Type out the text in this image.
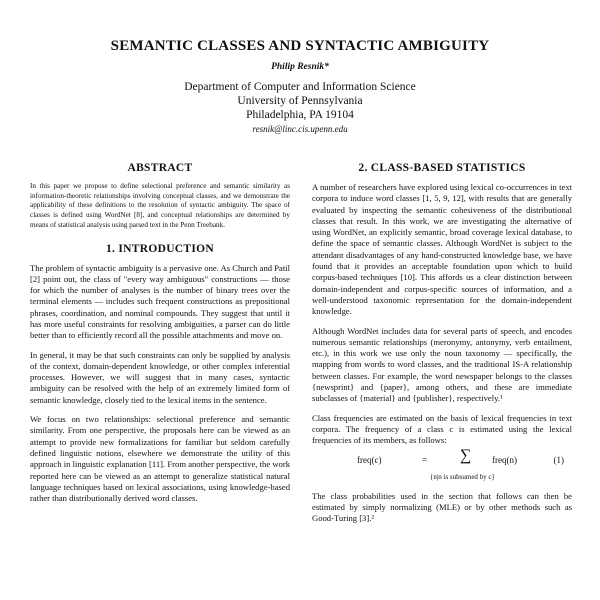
SEMANTIC CLASSES AND SYNTACTIC AMBIGUITY
Philip Resnik*
Department of Computer and Information Science
University of Pennsylvania
Philadelphia, PA 19104
resnik@linc.cis.upenn.edu
ABSTRACT

In this paper we propose to define selectional preference and semantic similarity as information-theoretic relationships involving conceptual classes, and we demonstrate the applicability of these definitions to the resolution of syntactic ambiguity. The space of classes is defined using WordNet [8], and conceptual relationships are determined by means of statistical analysis using parsed text in the Penn Treebank.

1. INTRODUCTION

The problem of syntactic ambiguity is a pervasive one. As Church and Patil [2] point out, the class of "every way ambiguous" constructions — those for which the number of analyses is the number of binary trees over the terminal elements — includes such frequent constructions as prepositional phrases, coordination, and nominal compounds. They suggest that until it has more useful constraints for resolving ambiguities, a parser can do little better than to efficiently record all the possible attachments and move on.

In general, it may be that such constraints can only be supplied by analysis of the context, domain-dependent knowledge, or other complex inferential processes. However, we will suggest that in many cases, syntactic ambiguity can be resolved with the help of an extremely limited form of semantic knowledge, closely tied to the lexical items in the sentence.

We focus on two relationships: selectional preference and semantic similarity. From one perspective, the proposals here can be viewed as an attempt to provide new formalizations for familiar but seldom carefully defined linguistic notions, elsewhere we demonstrate the utility of this approach in linguistic explanation [11]. From another perspective, the work reported here can be viewed as an attempt to generalize statistical natural language techniques based on lexical associations, using knowledge-based rather than distributionally derived word classes.

2. CLASS-BASED STATISTICS

A number of researchers have explored using lexical co-occurrences in text corpora to induce word classes [1, 5, 9, 12], with results that are generally evaluated by inspecting the semantic cohesiveness of the distributional classes that result. In this work, we are investigating the alternative of using WordNet, an explicitly semantic, broad coverage lexical database, to define the space of semantic classes. Although WordNet is subject to the attendant disadvantages of any hand-constructed knowledge base, we have found that it provides an acceptable foundation upon which to build corpus-based techniques [10]. This affords us a clear distinction between domain-independent and corpus-specific sources of information, and a well-understood taxonomic representation for the domain-independent knowledge.

Although WordNet includes data for several parts of speech, and encodes numerous semantic relationships (meronymy, antonymy, verb entailment, etc.), in this work we use only the noun taxonomy — specifically, the mapping from words to word classes, and the traditional IS-A relationship between classes. For example, the word newspaper belongs to the classes {newsprint} and {paper}, among others, and these are immediate subclasses of {material} and {publisher}, respectively.¹

Class frequencies are estimated on the basis of lexical frequencies in text corpora. The frequency of a class c is estimated using the lexical frequencies of its members, as follows:

freq(c)	= ∑ freq(n)	(1)
{n|n is subsumed by c}

The class probabilities used in the section that follows can then be estimated by simply normalizing (MLE) or by other methods such as Good-Turing [3].²
